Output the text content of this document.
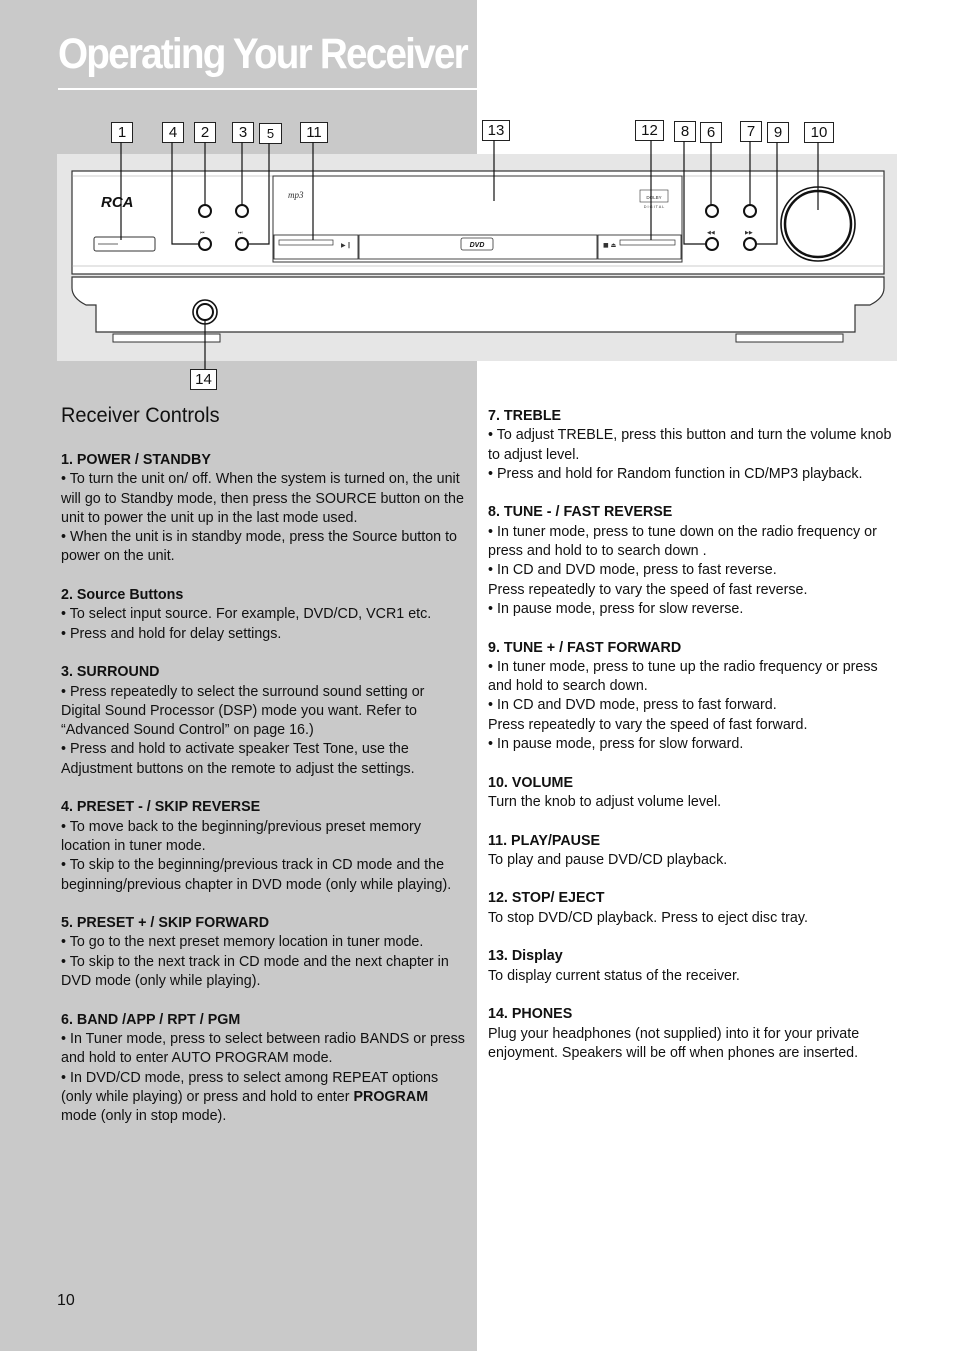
Operating Your Receiver
1	4	2	3	5	11	13	12	8	6	7	9	10
14
RCA
⏮	⏭
mp3	DOLBY
D I G I T A L
▶ ‖	DVD	■ ⏏
◀◀	▶▶
Receiver Controls
1. POWER / STANDBY
• To turn the unit on/ off. When the system is turned on, the unit will go to Standby mode, then press the SOURCE button on the unit to power the unit up in the last mode used.
• When the unit is in standby mode, press the Source button to power on the unit.
2. Source Buttons
• To select input source. For example, DVD/CD, VCR1 etc.
• Press and hold for delay settings.
3. SURROUND
• Press repeatedly to select the surround sound setting or Digital Sound Processor (DSP) mode you want. Refer to “Advanced Sound Control” on page 16.)
• Press and hold to activate speaker Test Tone, use the Adjustment buttons on the remote to adjust the settings.
4. PRESET - / SKIP REVERSE
• To move back to the beginning/previous preset memory location in tuner mode.
• To skip to the beginning/previous track in CD mode and the beginning/previous chapter in DVD mode (only while playing).
5. PRESET + / SKIP FORWARD
• To go to the next preset memory location in tuner mode.
• To skip to the next track in CD mode and the next chapter in DVD mode (only while playing).
6. BAND /APP / RPT / PGM
• In Tuner mode, press to select between radio BANDS or press and hold to enter AUTO PROGRAM mode.
• In DVD/CD mode, press to select among REPEAT options (only while playing) or press and hold to enter PROGRAM mode (only in stop mode).
7. TREBLE
• To adjust TREBLE, press this button and turn the volume knob to adjust level.
• Press and hold for Random function in CD/MP3 playback.
8. TUNE - / FAST REVERSE
• In tuner mode, press to tune down on the radio frequency or press and hold to to search down .
• In CD and DVD mode, press to fast reverse.
Press repeatedly to vary the speed of fast reverse.
• In pause mode, press for slow reverse.
9. TUNE + / FAST FORWARD
• In tuner mode, press to tune up the radio frequency or press and hold to search down.
• In CD and DVD mode, press to fast forward.
Press repeatedly to vary the speed of fast forward.
• In pause mode, press for slow forward.
10. VOLUME
Turn the knob to adjust volume level.
11. PLAY/PAUSE
To play and pause DVD/CD playback.
12. STOP/ EJECT
To stop DVD/CD playback. Press to eject disc tray.
13. Display
To display current status of the receiver.
14. PHONES
Plug your headphones (not supplied) into it for your private enjoyment. Speakers will be off when phones are inserted.
10
